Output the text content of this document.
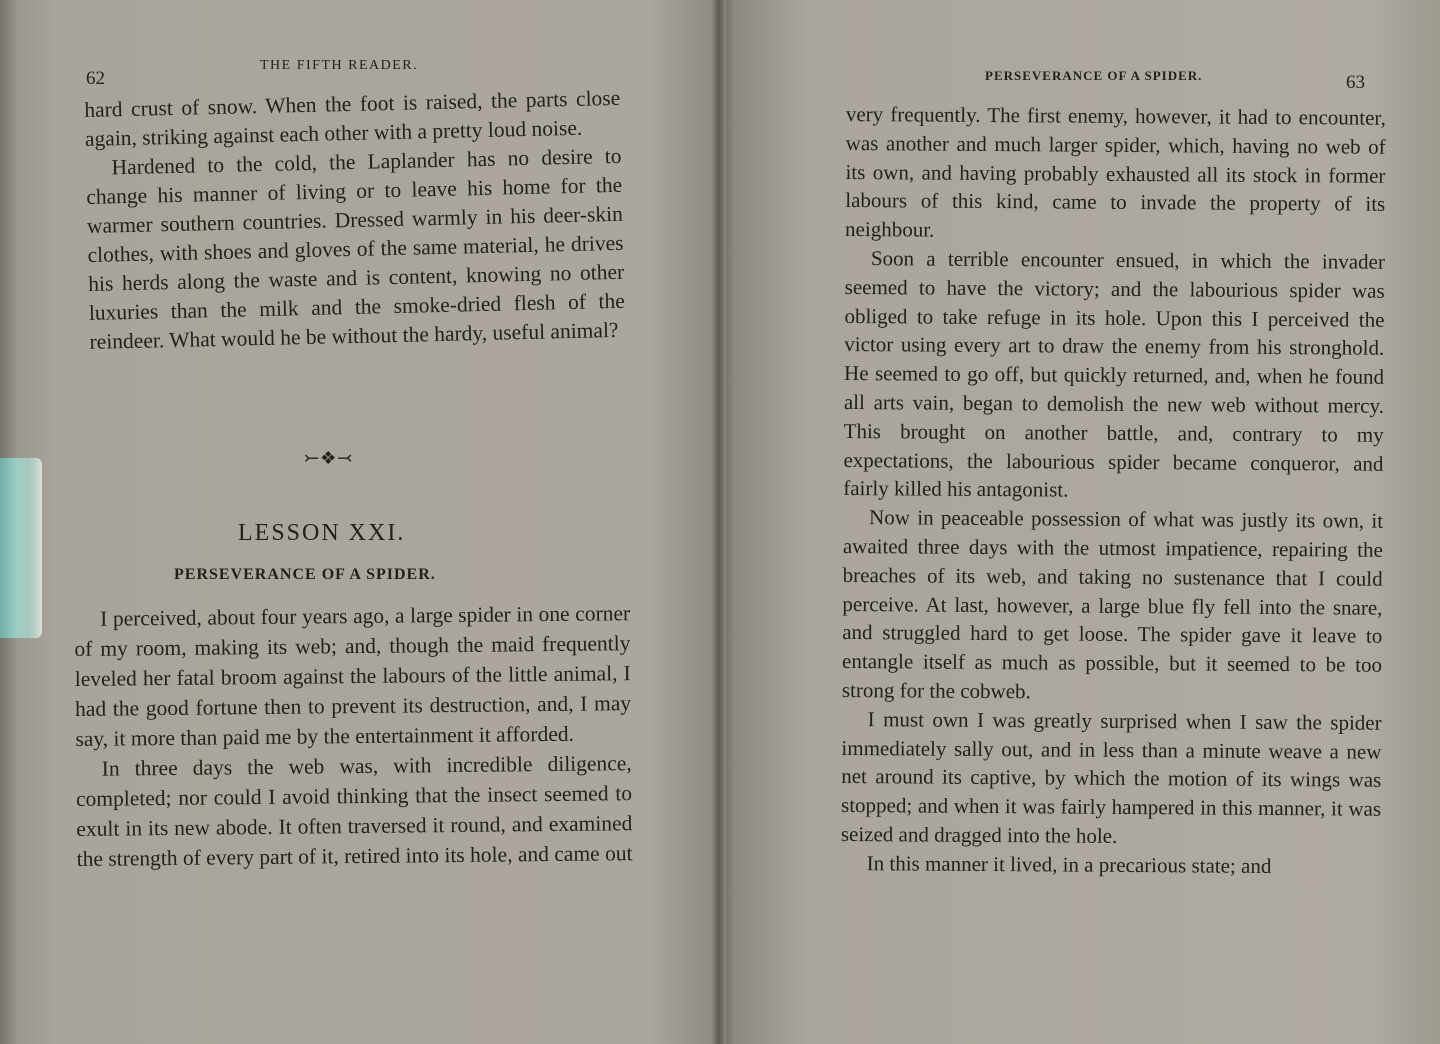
62
THE FIFTH READER.

hard crust of snow. When the foot is raised, the parts close again, striking against each other with a pretty loud noise.

Hardened to the cold, the Laplander has no desire to change his manner of living or to leave his home for the warmer southern countries. Dressed warmly in his deer-skin clothes, with shoes and gloves of the same material, he drives his herds along the waste and is content, knowing no other luxuries than the milk and the smoke-dried flesh of the reindeer. What would he be without the hardy, useful animal?

⤚❖⤙
LESSON XXI.
PERSEVERANCE OF A SPIDER.

I perceived, about four years ago, a large spider in one corner of my room, making its web; and, though the maid frequently leveled her fatal broom against the labours of the little animal, I had the good fortune then to prevent its destruction, and, I may say, it more than paid me by the entertainment it afforded.

In three days the web was, with incredible diligence, completed; nor could I avoid thinking that the insect seemed to exult in its new abode. It often traversed it round, and examined the strength of every part of it, retired into its hole, and came out

PERSEVERANCE OF A SPIDER.	63

very frequently. The first enemy, however, it had to encounter, was another and much larger spider, which, having no web of its own, and having probably exhausted all its stock in former labours of this kind, came to invade the property of its neighbour.

Soon a terrible encounter ensued, in which the invader seemed to have the victory; and the labourious spider was obliged to take refuge in its hole. Upon this I perceived the victor using every art to draw the enemy from his stronghold. He seemed to go off, but quickly returned, and, when he found all arts vain, began to demolish the new web without mercy. This brought on another battle, and, contrary to my expectations, the labourious spider became conqueror, and fairly killed his antagonist.

Now in peaceable possession of what was justly its own, it awaited three days with the utmost impatience, repairing the breaches of its web, and taking no sustenance that I could perceive. At last, however, a large blue fly fell into the snare, and struggled hard to get loose. The spider gave it leave to entangle itself as much as possible, but it seemed to be too strong for the cobweb.

I must own I was greatly surprised when I saw the spider immediately sally out, and in less than a minute weave a new net around its captive, by which the motion of its wings was stopped; and when it was fairly hampered in this manner, it was seized and dragged into the hole.

In this manner it lived, in a precarious state; and
